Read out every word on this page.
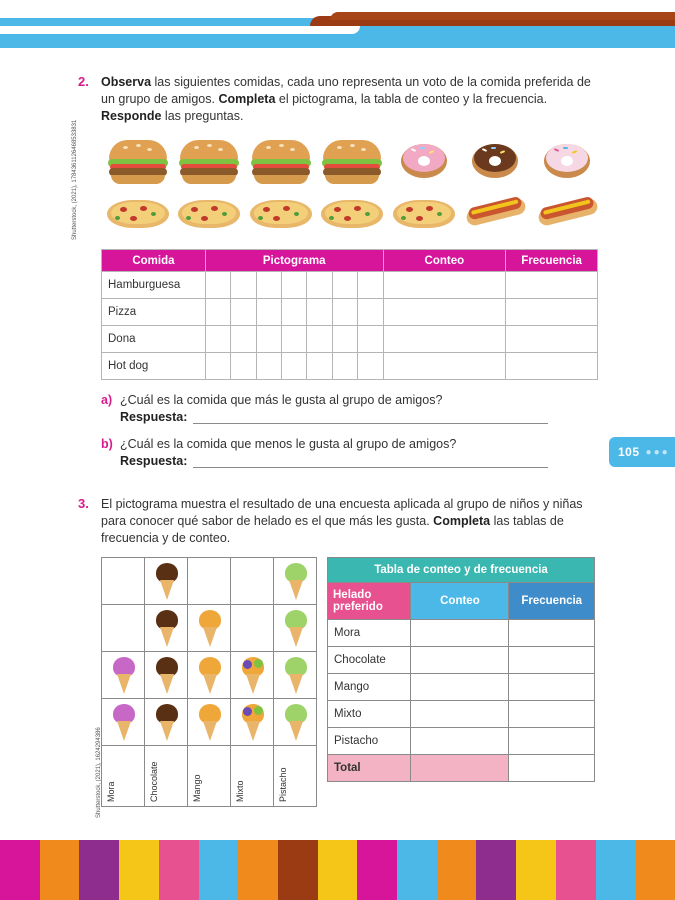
105 ●●●
Shutterstock, (2021), 1784361126468533831
Shutterstock, (2021), 1624294386
2. Observa las siguientes comidas, cada uno representa un voto de la comida preferida de un grupo de amigos. Completa el pictograma, la tabla de conteo y la frecuencia. Responde las preguntas.
Comida	Pictograma							Conteo	Frecuencia
Hamburguesa									
Pizza									
Dona									
Hot dog									
a) ¿Cuál es la comida que más le gusta al grupo de amigos?
Respuesta:
b) ¿Cuál es la comida que menos le gusta al grupo de amigos?
Respuesta:
3. El pictograma muestra el resultado de una encuesta aplicada al grupo de niños y niñas para conocer qué sabor de helado es el que más les gusta. Completa las tablas de frecuencia y de conteo.

Mora	Chocolate	Mango	Mixto	Pistacho
Tabla de conteo y de frecuencia		
Helado preferido	Conteo	Frecuencia
Mora		
Chocolate		
Mango		
Mixto		
Pistacho		
Total		
